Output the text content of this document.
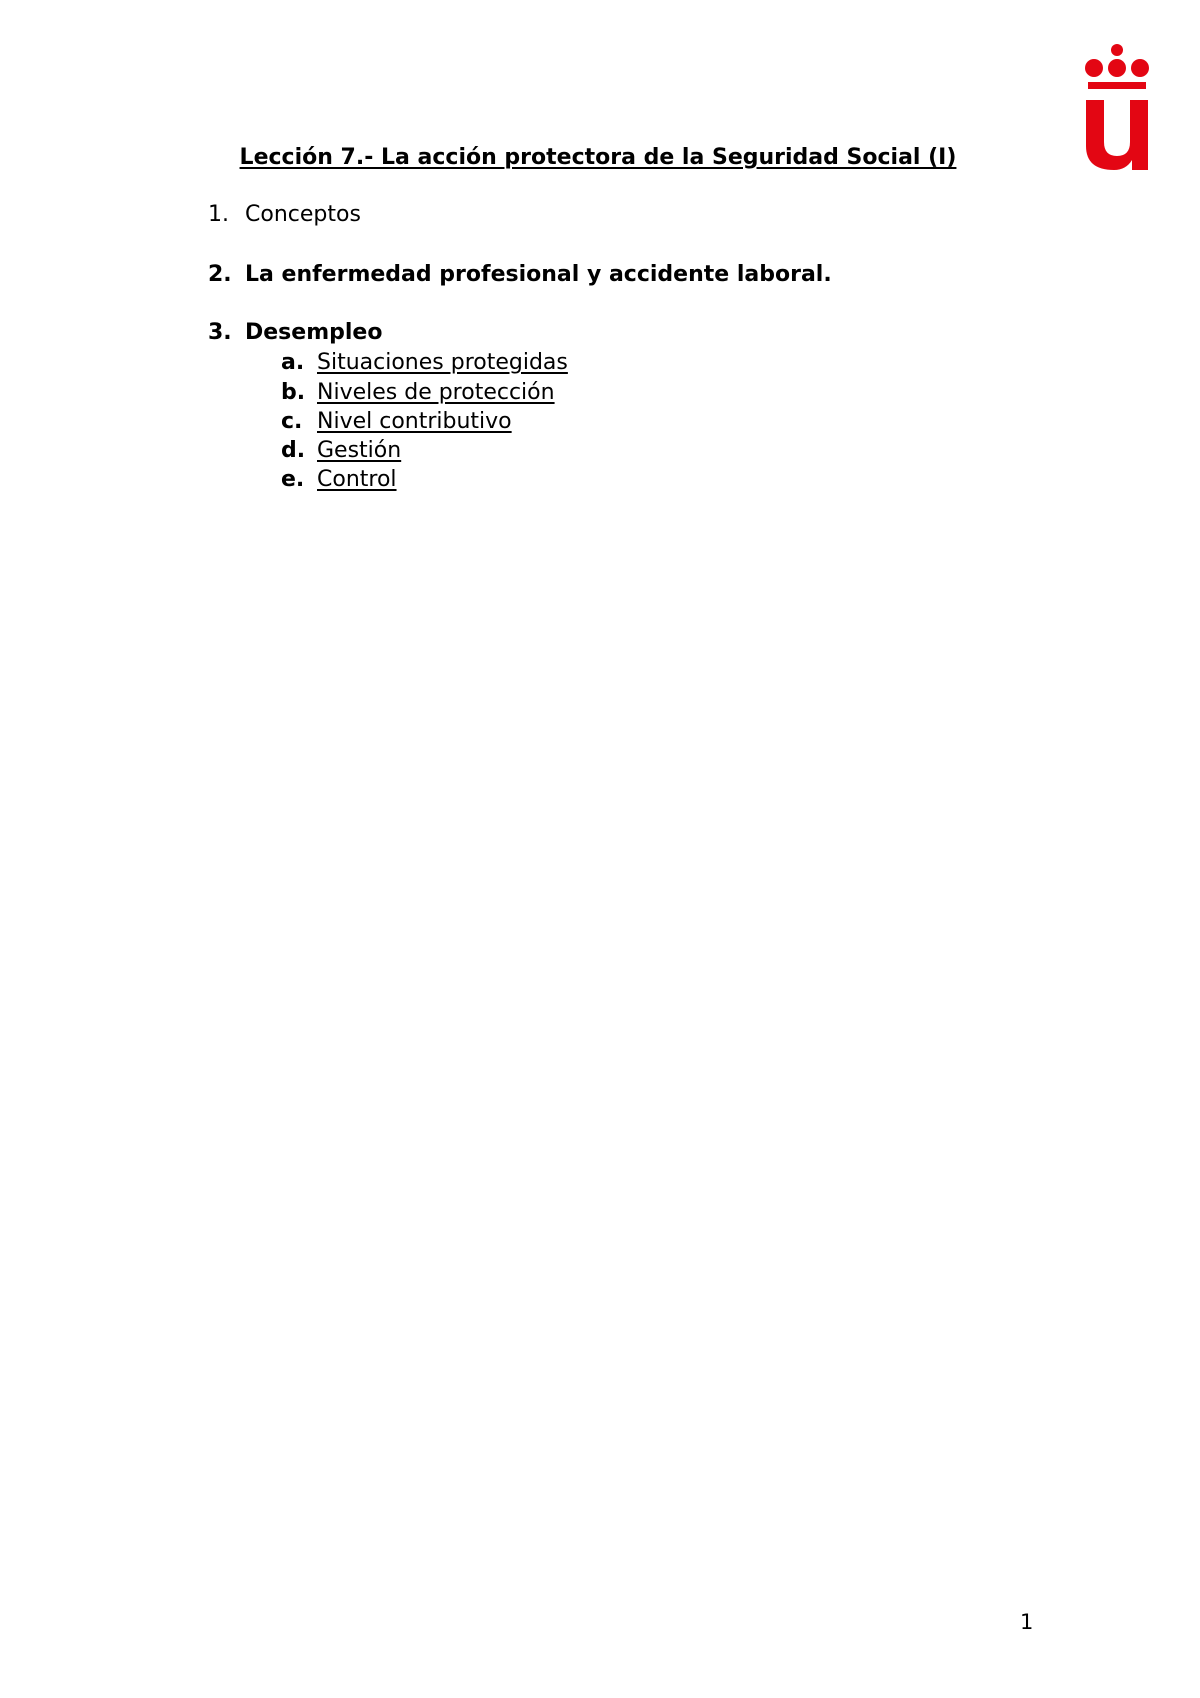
Lección 7.- La acción protectora de la Seguridad Social (I)
1. Conceptos
2. La enfermedad profesional y accidente laboral.
3. Desempleo
a. Situaciones protegidas
b. Niveles de protección
c. Nivel contributivo
d. Gestión
e. Control
1
